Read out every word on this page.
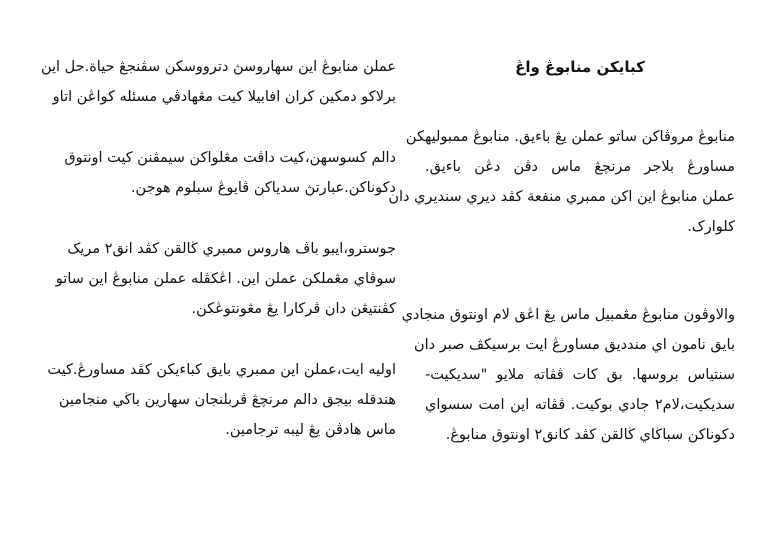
کبايکن منابوڠ واڠ
منابوڠ مروڤاکن ساتو عملن يڠ باءيق. منابوڠ ممبوليهکن
مساورڠ بلاجر مرنچڠ ماس دڤن دڠن باءيق.
عملن منابوڠ اين اکن ممبري منفعة کڤد ديري سنديري دان
کلوارک.
والاوڤون منابوڠ مڠمبيل ماس يڠ اڠق لام اونتوق منجادي
بايق نامون اي مندديق مساورڠ ايت برسيکڤ صبر دان
سنتياس بروسها. بق کات ڤڤاته ملايو "سديکيت-
سديکيت،لام٢ جادي بوکيت. ڤڤاته اين امت سسواي
دکوناکن سباڬاي ڬالقن کڤد کانق٢ اونتوق منابوڠ.
عملن منابوڠ اين سهاروسڽ دترووسکن سڤنجڠ حياة.حل اين
برلاکو دمکين کران افابيلا کيت مڠهادڤي مسئله کواڠن اتاو
دالم کسوسهن،کيت داڤت مڠلواکن سيمڤنن کيت اونتوق
دکوناکن.عبارتڽ سدياکن ڤايوڠ سبلوم هوجن.
جوسترو،ايبو باڤ هاروس ممبري ڬالقن کڤد انق٢ مريک
سوڤاي مڠملکن عملن اين. اڠکڤله عملن منابوڠ اين ساتو
کڤنتيڠن دان ڤرکارا يڠ مڠونتوڠکن.
اوليه ايت،عملن اين ممبري بايق کباءيکن کڤد مساورڠ.کيت
هندقله بيجق دالم مرنچڠ ڤربلنجان سهارين باڬي منجامين
ماس هادڤن يڠ ليبه ترجامين.
